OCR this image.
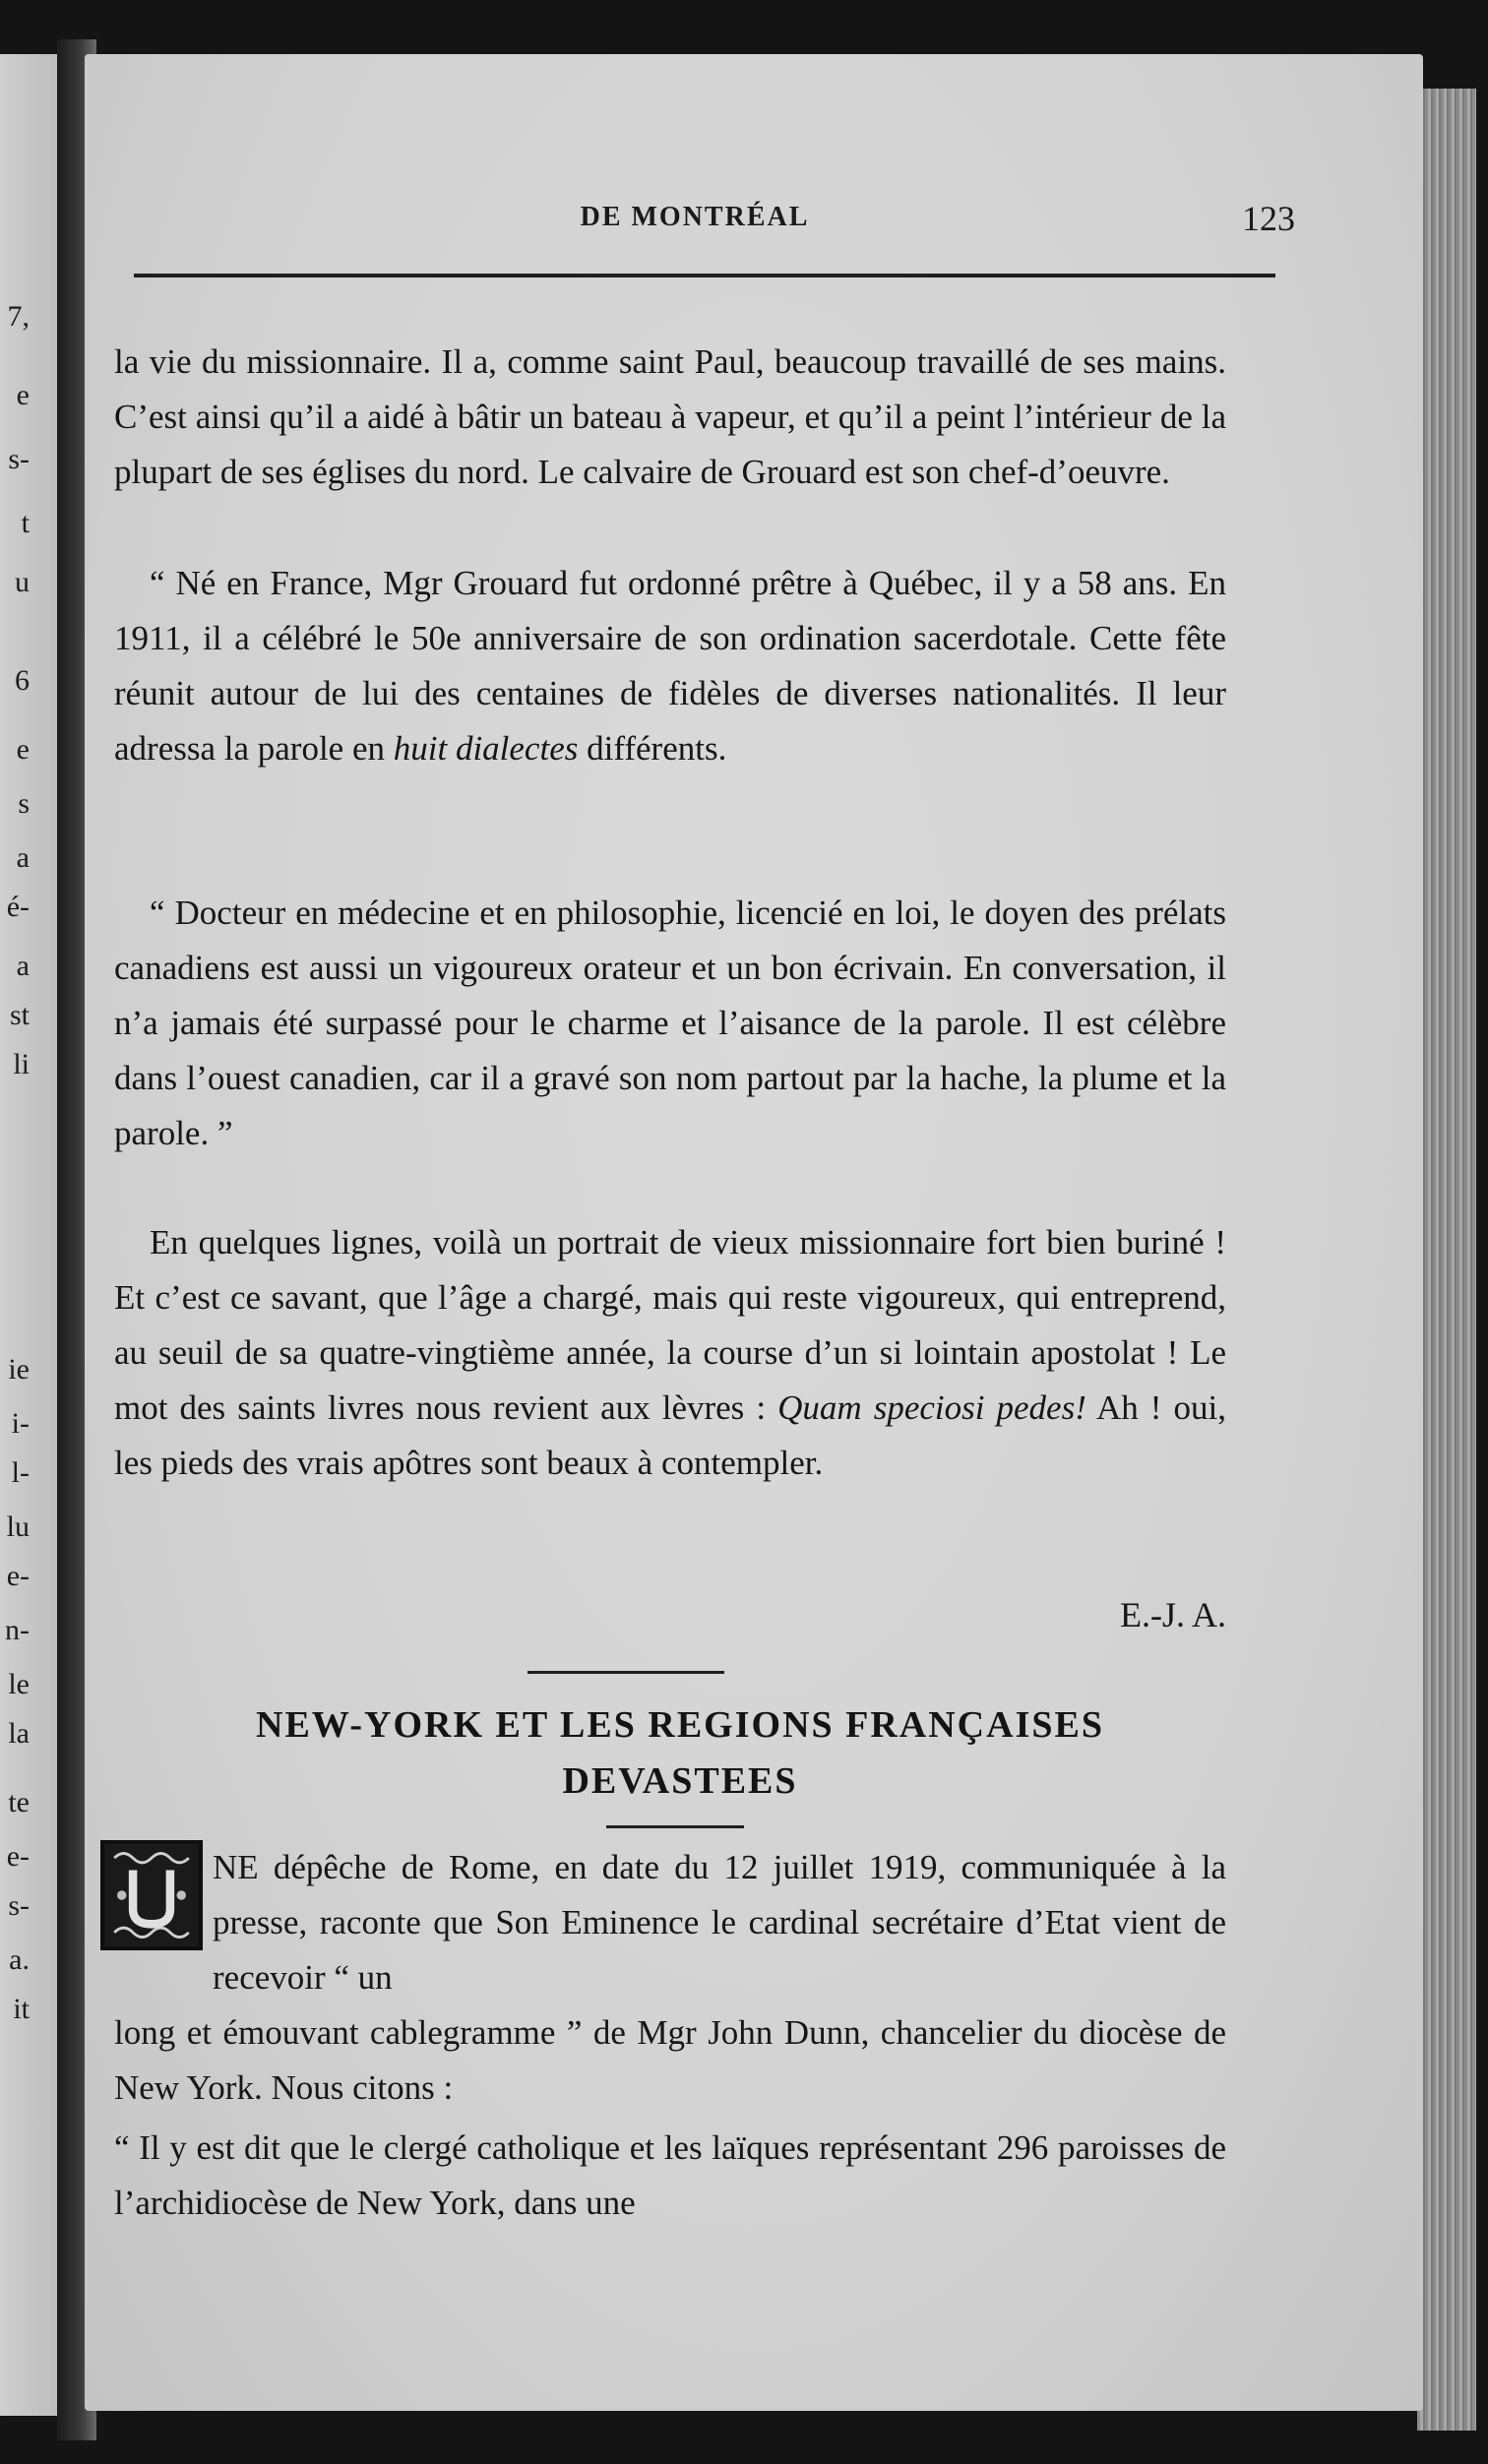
7,
e
s-
t
u
6
e
s
a
é-
a
st
li
ie
i-
l-
lu
e-
n-
le
la
te
e-
s-
a.
it
DE MONTRÉAL	123

la vie du missionnaire. Il a, comme saint Paul, beaucoup travaillé de ses mains. C’est ainsi qu’il a aidé à bâtir un bateau à vapeur, et qu’il a peint l’intérieur de la plupart de ses églises du nord. Le calvaire de Grouard est son chef-d’oeuvre.

“ Né en France, Mgr Grouard fut ordonné prêtre à Québec, il y a 58 ans. En 1911, il a célébré le 50e anniversaire de son ordination sacerdotale. Cette fête réunit autour de lui des centaines de fidèles de diverses nationalités. Il leur adressa la parole en huit dialectes différents.

“ Docteur en médecine et en philosophie, licencié en loi, le doyen des prélats canadiens est aussi un vigoureux orateur et un bon écrivain. En conversation, il n’a jamais été surpassé pour le charme et l’aisance de la parole. Il est célèbre dans l’ouest canadien, car il a gravé son nom partout par la hache, la plume et la parole. ”

En quelques lignes, voilà un portrait de vieux missionnaire fort bien buriné ! Et c’est ce savant, que l’âge a chargé, mais qui reste vigoureux, qui entreprend, au seuil de sa quatre-vingtième année, la course d’un si lointain apostolat ! Le mot des saints livres nous revient aux lèvres : Quam speciosi pedes! Ah ! oui, les pieds des vrais apôtres sont beaux à contempler.

E.-J. A.
NEW-YORK ET LES REGIONS FRANÇAISES
DEVASTEES
NE dépêche de Rome, en date du 12 juillet 1919, communiquée à la presse, raconte que Son Eminence le cardinal secrétaire d’Etat vient de recevoir “ un
long et émouvant cablegramme ” de Mgr John Dunn, chancelier du diocèse de New York. Nous citons :
“ Il y est dit que le clergé catholique et les laïques représentant 296 paroisses de l’archidiocèse de New York, dans une
